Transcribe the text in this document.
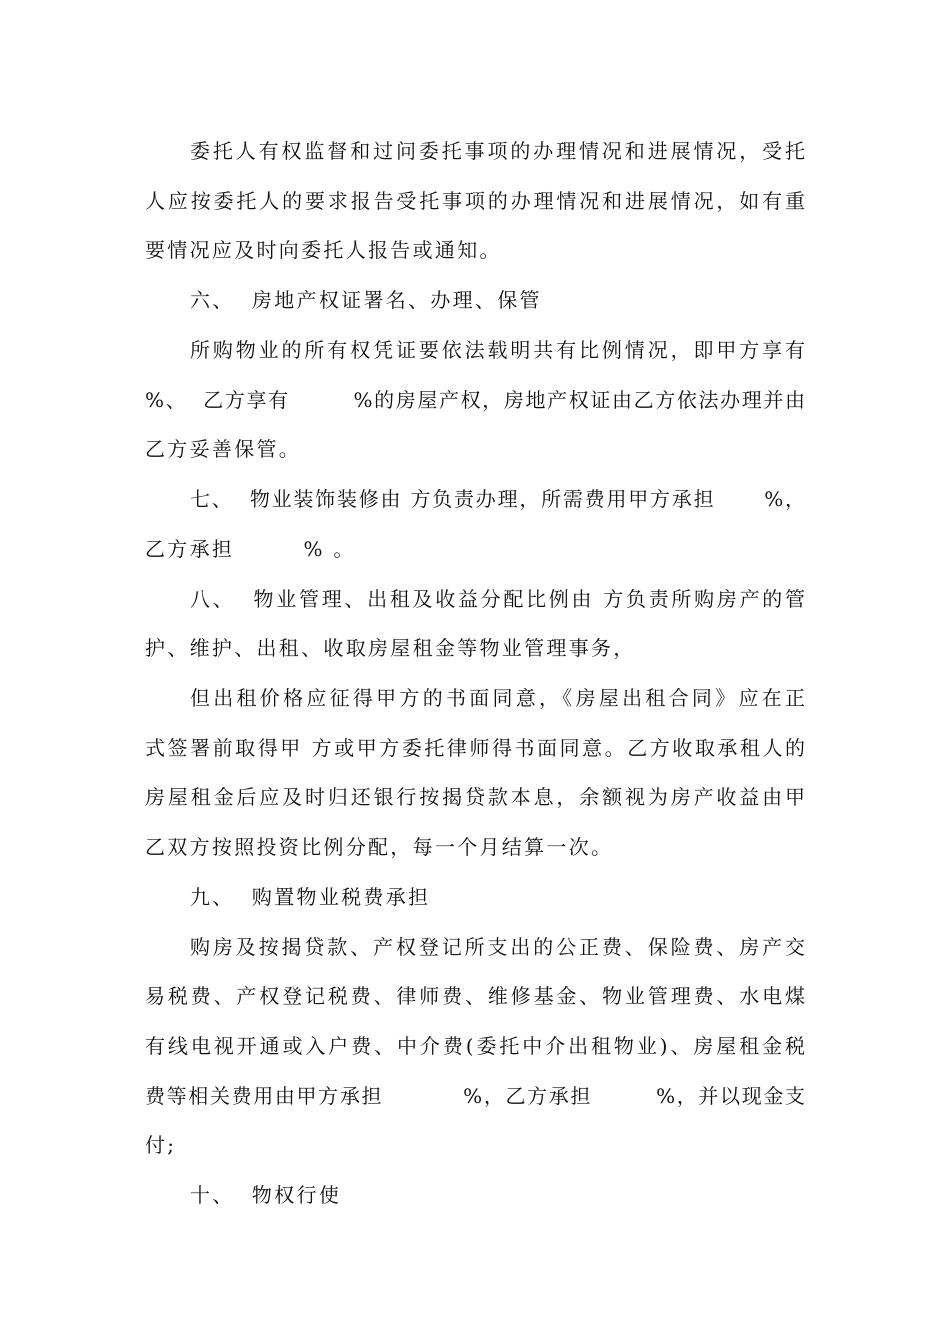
委托人有权监督和过问委托事项的办理情况和进展情况，受托
人应按委托人的要求报告受托事项的办理情况和进展情况，如有重
要情况应及时向委托人报告或通知。
六、  房地产权证署名、办理、保管
所购物业的所有权凭证要依法载明共有比例情况，即甲方享有
%、  乙方享有        %的房屋产权，房地产权证由乙方依法办理并由
乙方妥善保管。
七、  物业装饰装修由 方负责办理，所需费用甲方承担      %，
乙方承担        % 。
八、  物业管理、出租及收益分配比例由 方负责所购房产的管
护、维护、出租、收取房屋租金等物业管理事务，
但出租价格应征得甲方的书面同意，《房屋出租合同》应在正
式签署前取得甲 方或甲方委托律师得书面同意。乙方收取承租人的
房屋租金后应及时归还银行按揭贷款本息，余额视为房产收益由甲
乙双方按照投资比例分配，每一个月结算一次。
九、  购置物业税费承担
购房及按揭贷款、产权登记所支出的公正费、保险费、房产交
易税费、产权登记税费、律师费、维修基金、物业管理费、水电煤
有线电视开通或入户费、中介费(委托中介出租物业)、房屋租金税
费等相关费用由甲方承担          %，乙方承担        %，并以现金支
付;
十、  物权行使
